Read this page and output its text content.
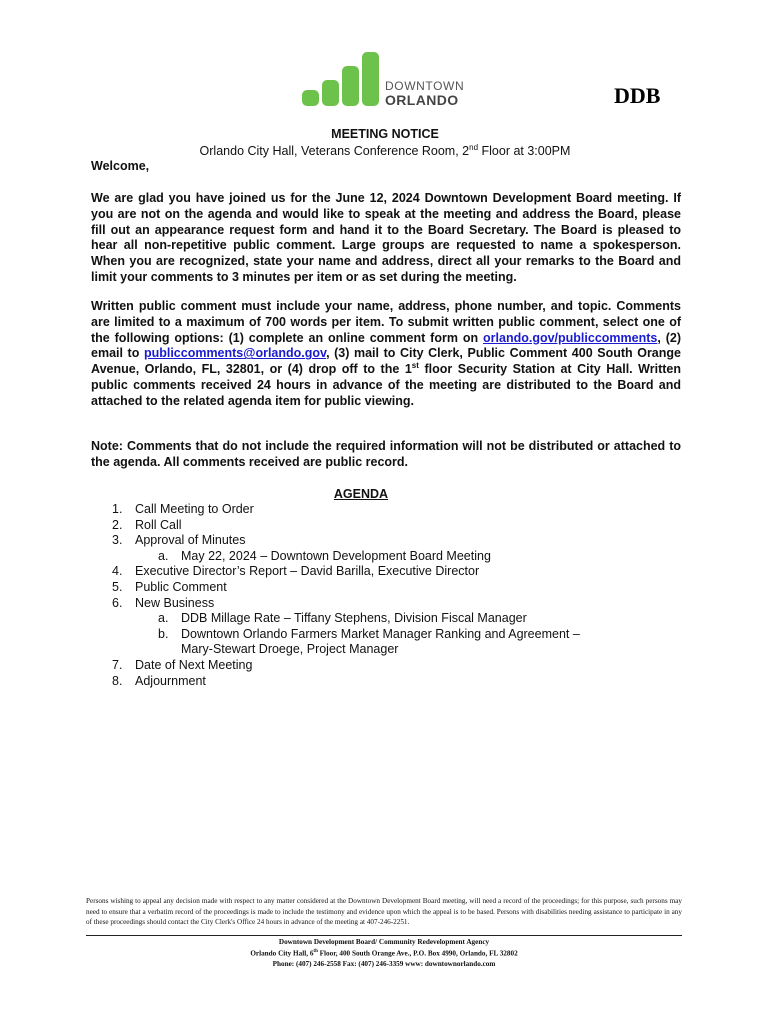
DOWNTOWN
ORLANDO	DDB
MEETING NOTICE
Orlando City Hall, Veterans Conference Room, 2nd Floor at 3:00PM
Welcome,
We are glad you have joined us for the June 12, 2024 Downtown Development Board meeting. If you are not on the agenda and would like to speak at the meeting and address the Board, please fill out an appearance request form and hand it to the Board Secretary. The Board is pleased to hear all non-repetitive public comment. Large groups are requested to name a spokesperson. When you are recognized, state your name and address, direct all your remarks to the Board and limit your comments to 3 minutes per item or as set during the meeting.
Written public comment must include your name, address, phone number, and topic. Comments are limited to a maximum of 700 words per item. To submit written public comment, select one of the following options: (1) complete an online comment form on orlando.gov/publiccomments, (2) email to publiccomments@orlando.gov, (3) mail to City Clerk, Public Comment 400 South Orange Avenue, Orlando, FL, 32801, or (4) drop off to the 1st floor Security Station at City Hall. Written public comments received 24 hours in advance of the meeting are distributed to the Board and attached to the related agenda item for public viewing.
Note: Comments that do not include the required information will not be distributed or attached to the agenda. All comments received are public record.
AGENDA
1.	Call Meeting to Order
2.	Roll Call
3.	Approval of Minutes
a.	May 22, 2024 – Downtown Development Board Meeting
4.	Executive Director’s Report – David Barilla, Executive Director
5.	Public Comment
6.	New Business
a.	DDB Millage Rate – Tiffany Stephens, Division Fiscal Manager
b.	Downtown Orlando Farmers Market Manager Ranking and Agreement –
Mary-Stewart Droege, Project Manager
7.	Date of Next Meeting
8.	Adjournment
Persons wishing to appeal any decision made with respect to any matter considered at the Downtown Development Board meeting, will need a record of the proceedings; for this purpose, such persons may need to ensure that a verbatim record of the proceedings is made to include the testimony and evidence upon which the appeal is to be based. Persons with disabilities needing assistance to participate in any of these proceedings should contact the City Clerk's Office 24 hours in advance of the meeting at 407-246-2251.
Downtown Development Board/ Community Redevelopment Agency
Orlando City Hall, 6th Floor, 400 South Orange Ave., P.O. Box 4990, Orlando, FL 32802
Phone: (407) 246-2558 Fax: (407) 246-3359 www: downtownorlando.com
